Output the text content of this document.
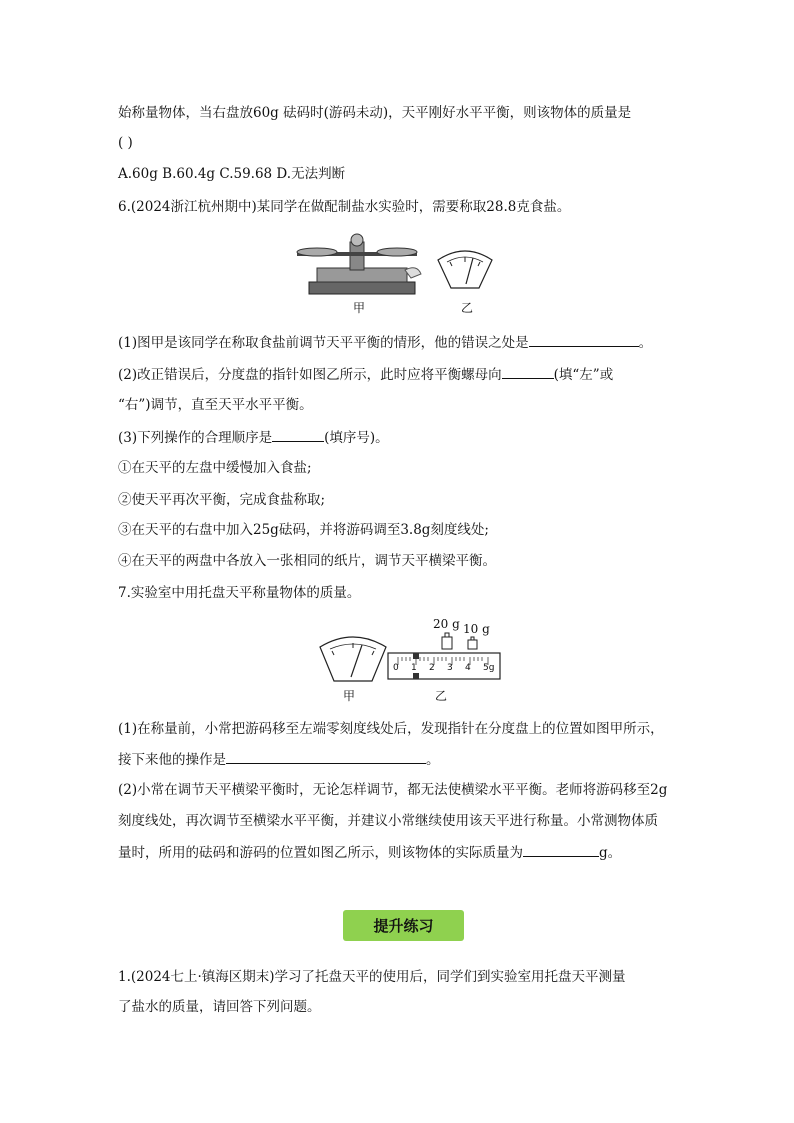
始称量物体，当右盘放60g 砝码时(游码未动)，天平刚好水平平衡，则该物体的质量是
( )
A.60g B.60.4g C.59.68 D.无法判断
6.(2024浙江杭州期中)某同学在做配制盐水实验时，需要称取28.8克食盐。
甲	乙
(1)图甲是该同学在称取食盐前调节天平平衡的情形，他的错误之处是	。
(2)改正错误后，分度盘的指针如图乙所示，此时应将平衡螺母向	(填“左”或
“右”)调节，直至天平水平平衡。
(3)下列操作的合理顺序是	(填序号)。
①在天平的左盘中缓慢加入食盐;
②使天平再次平衡，完成食盐称取;
③在天平的右盘中加入25g砝码，并将游码调至3.8g刻度线处;
④在天平的两盘中各放入一张相同的纸片，调节天平横梁平衡。
7.实验室中用托盘天平称量物体的质量。
20 g 10 g
0 1 2 3 4 5g
甲	乙
(1)在称量前，小常把游码移至左端零刻度线处后，发现指针在分度盘上的位置如图甲所示，
接下来他的操作是	。
(2)小常在调节天平横梁平衡时，无论怎样调节，都无法使横梁水平平衡。老师将游码移至2g
刻度线处，再次调节至横梁水平平衡，并建议小常继续使用该天平进行称量。小常测物体质
量时，所用的砝码和游码的位置如图乙所示，则该物体的实际质量为	g。
提升练习
1.(2024七上·镇海区期末)学习了托盘天平的使用后，同学们到实验室用托盘天平测量
了盐水的质量，请回答下列问题。
